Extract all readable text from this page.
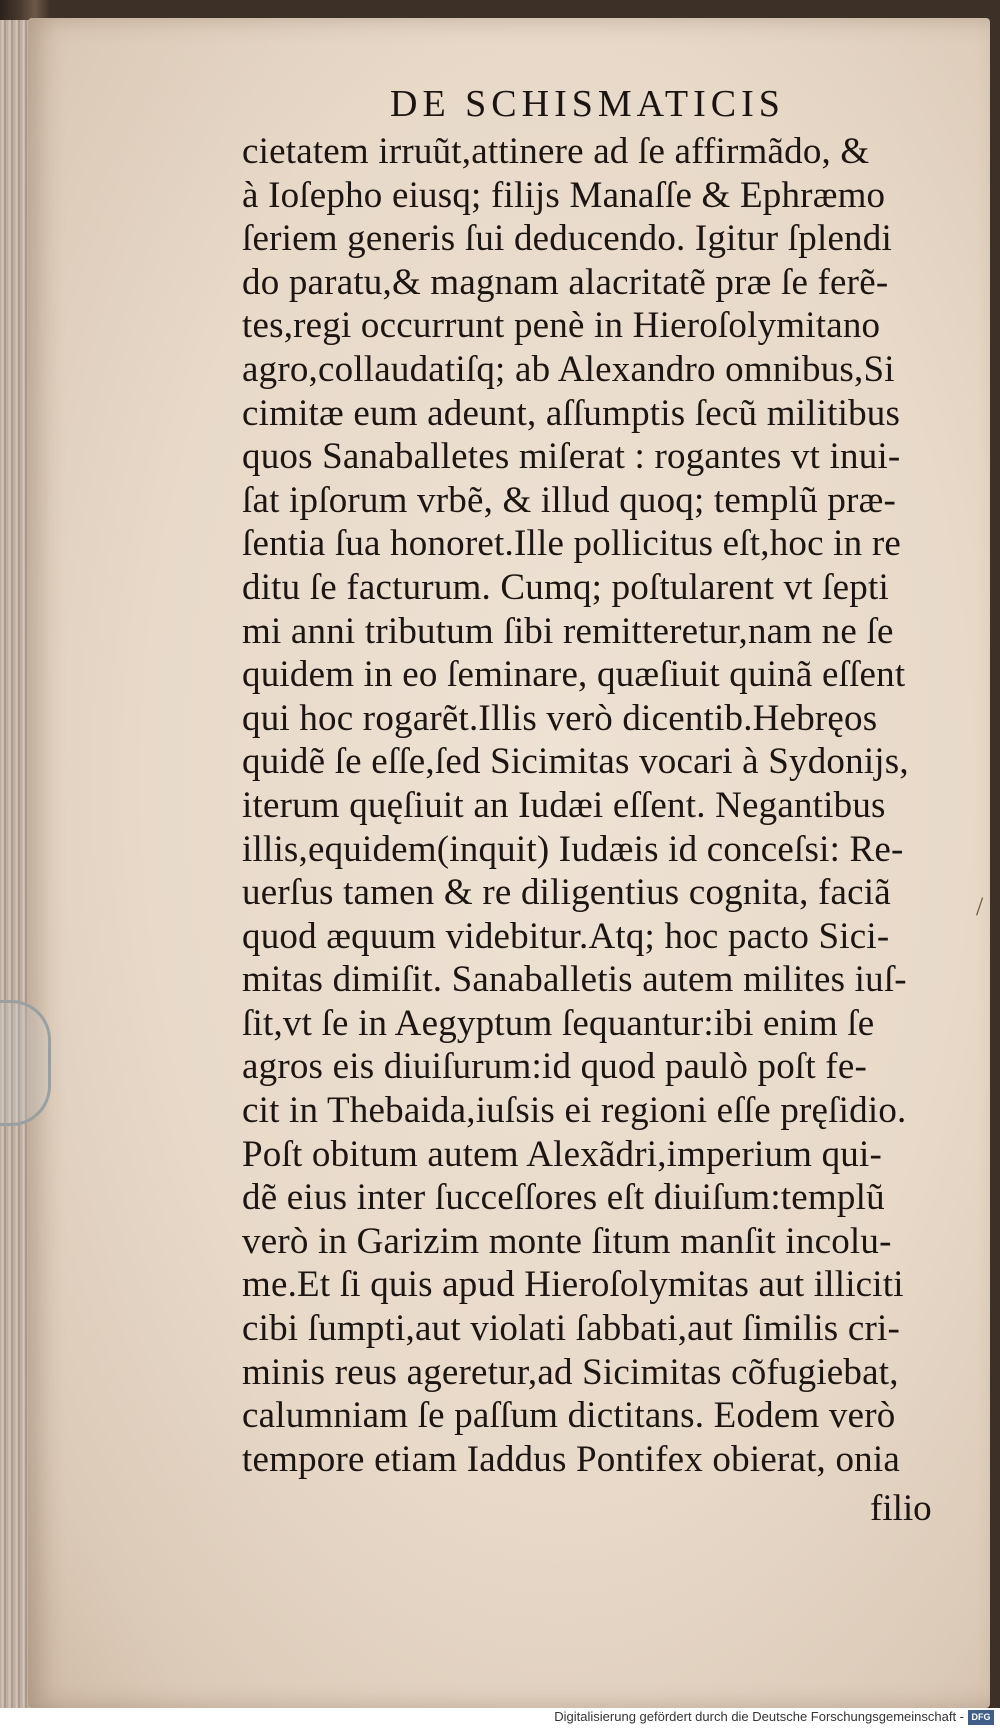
DE SCHISMATICIS
cietatem irruũt,attinere ad ſe affirmãdo, &
à Ioſepho eiusq; filijs Manaſſe & Ephræmo
ſeriem generis ſui deducendo. Igitur ſplendi
do paratu,& magnam alacritatẽ præ ſe ferẽ-
tes,regi occurrunt penè in Hieroſolymitano
agro,collaudatiſq; ab Alexandro omnibus,Si
cimitæ eum adeunt, aſſumptis ſecũ militibus
quos Sanaballetes miſerat : rogantes vt inui-
ſat ipſorum vrbẽ, & illud quoq; templũ præ-
ſentia ſua honoret.Ille pollicitus eſt,hoc in re
ditu ſe facturum. Cumq; poſtularent vt ſepti
mi anni tributum ſibi remitteretur,nam ne ſe
quidem in eo ſeminare, quæſiuit quinã eſſent
qui hoc rogarẽt.Illis verò dicentib.Hebręos
quidẽ ſe eſſe,ſed Sicimitas vocari à Sydonijs,
iterum quęſiuit an Iudæi eſſent. Negantibus
illis,equidem(inquit) Iudæis id conceſsi: Re-
uerſus tamen & re diligentius cognita, faciã
quod æquum videbitur.Atq; hoc pacto Sici-
mitas dimiſit. Sanaballetis autem milites iuſ-
ſit,vt ſe in Aegyptum ſequantur:ibi enim ſe
agros eis diuiſurum:id quod paulò poſt fe-
cit in Thebaida,iuſsis ei regioni eſſe pręſidio.
Poſt obitum autem Alexãdri,imperium qui-
dẽ eius inter ſucceſſores eſt diuiſum:templũ
verò in Garizim monte ſitum manſit incolu-
me.Et ſi quis apud Hieroſolymitas aut illiciti
cibi ſumpti,aut violati ſabbati,aut ſimilis cri-
minis reus ageretur,ad Sicimitas cõfugiebat,
calumniam ſe paſſum dictitans. Eodem verò
tempore etiam Iaddus Pontifex obierat, onia
filio
/
Digitalisierung gefördert durch die Deutsche Forschungsgemeinschaft - DFG
